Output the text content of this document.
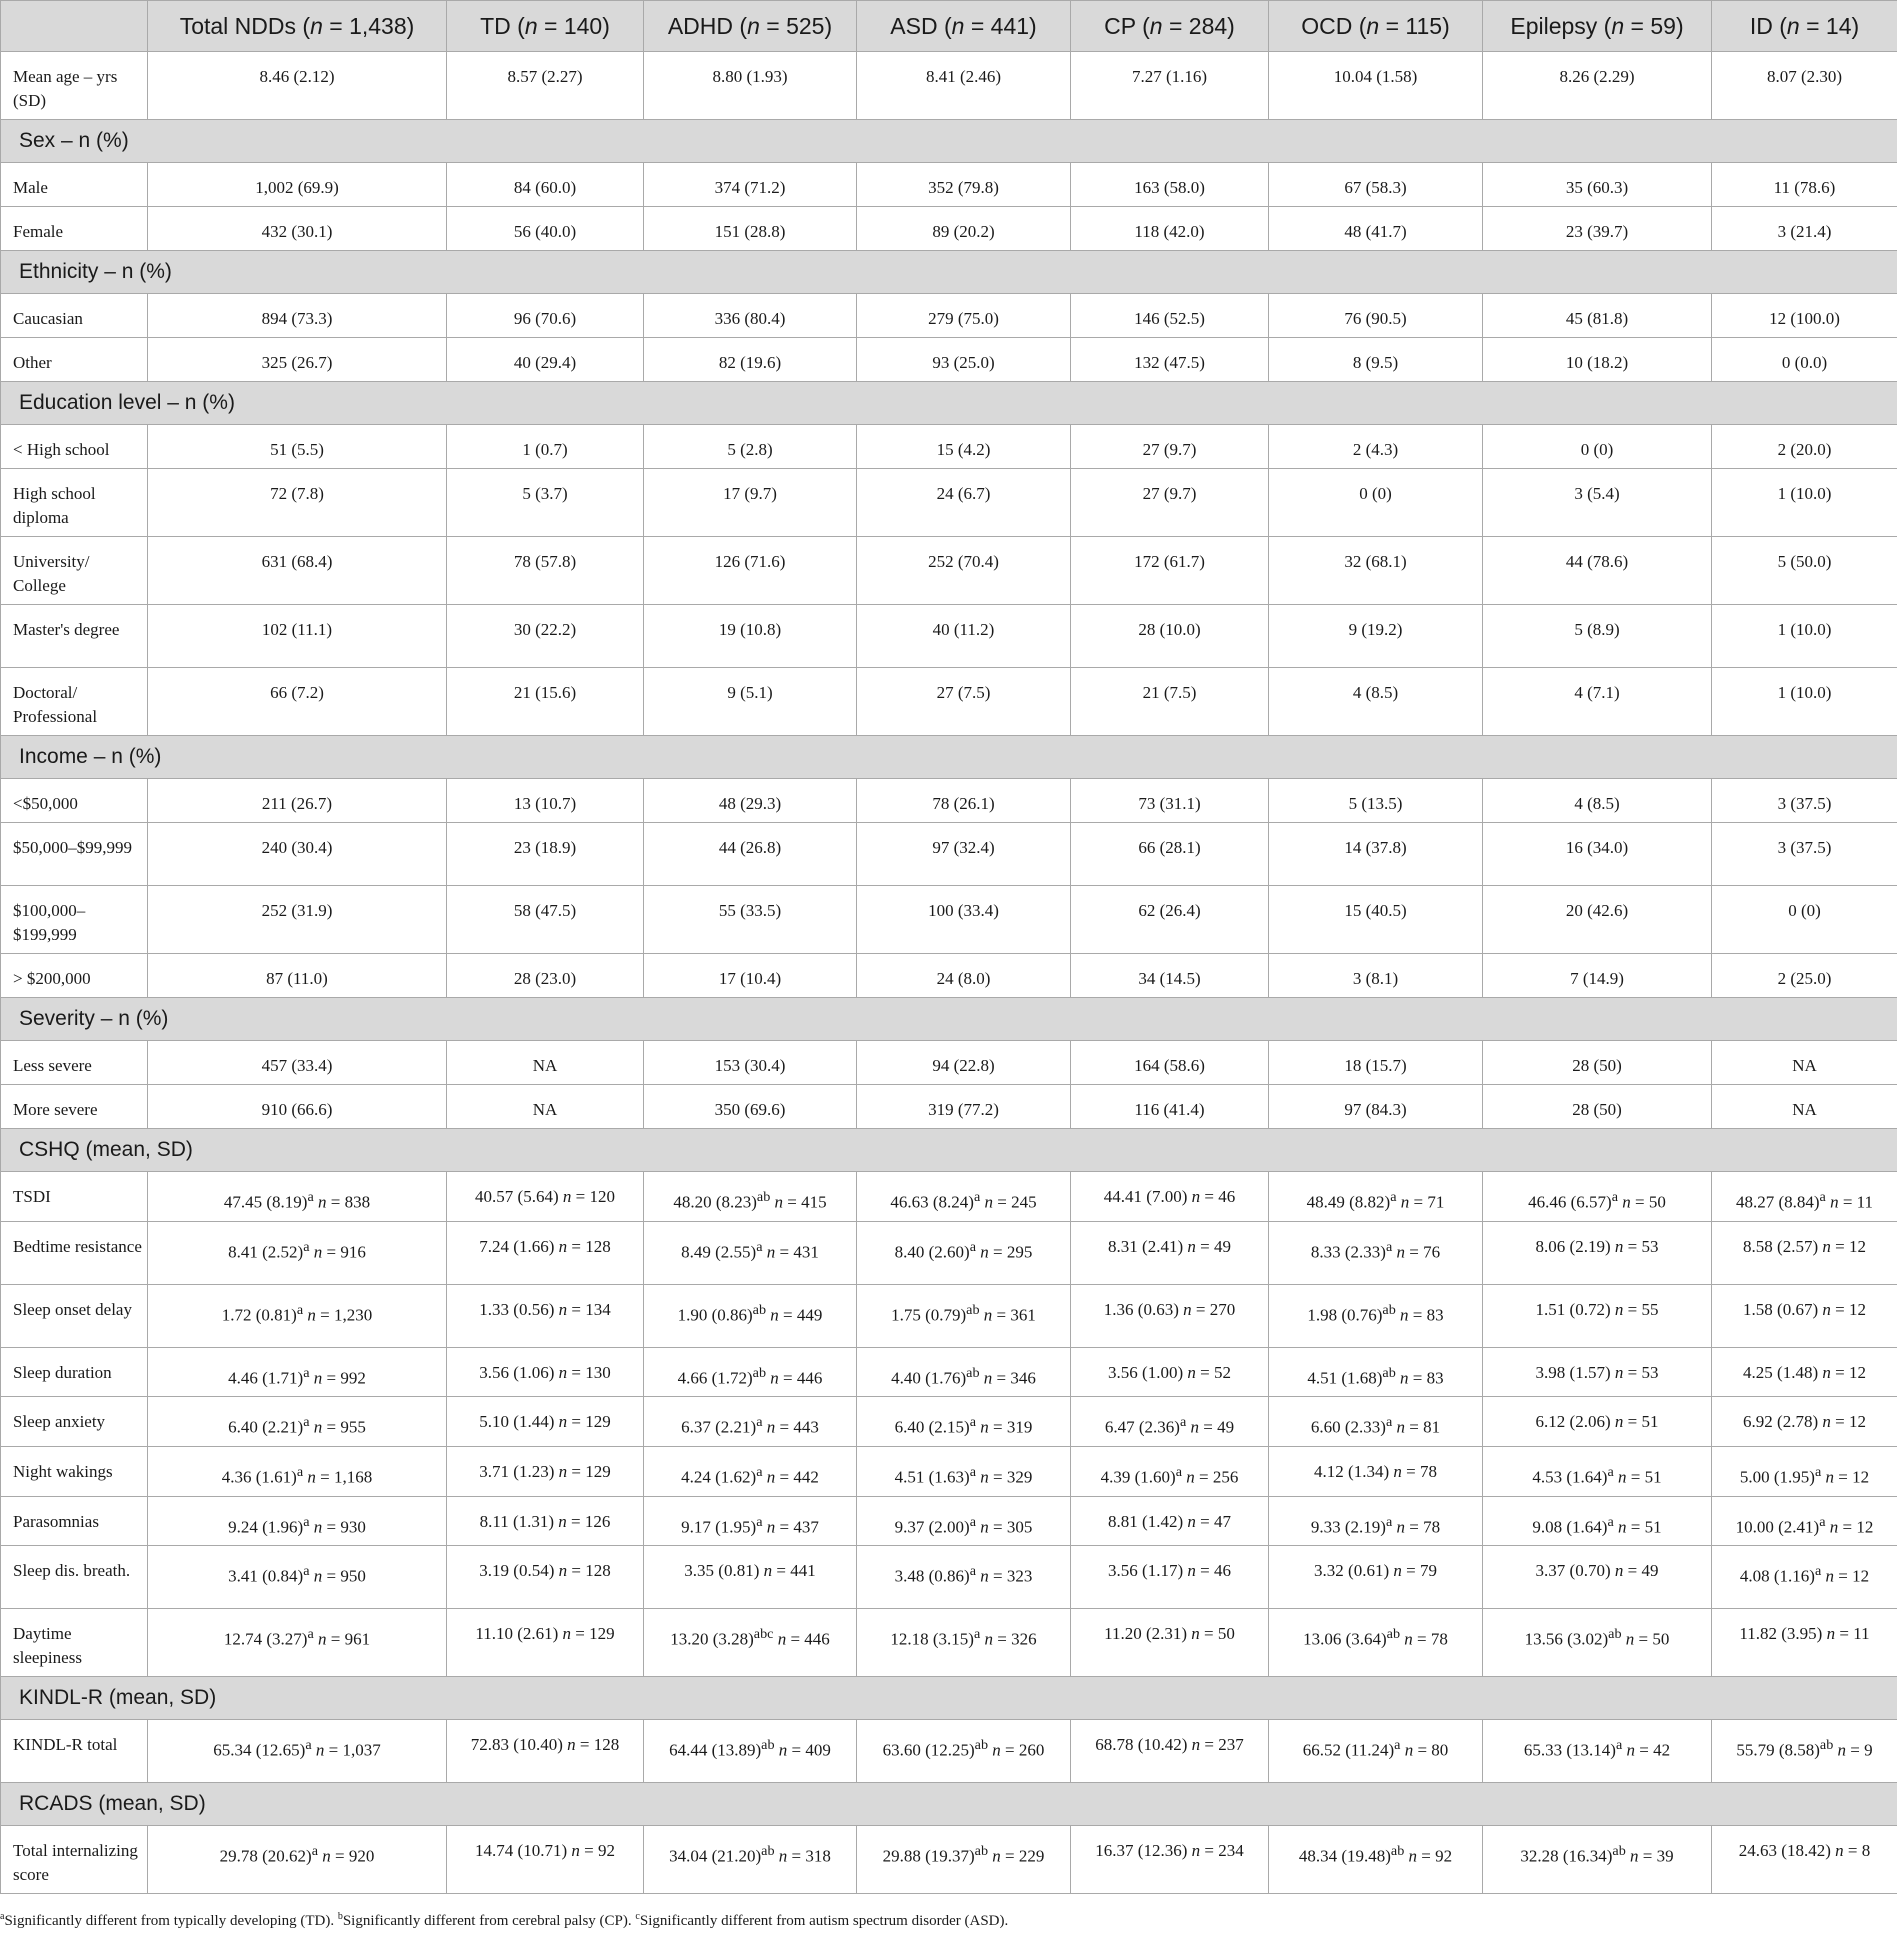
	Total NDDs (n = 1,438)	TD (n = 140)	ADHD (n = 525)	ASD (n = 441)	CP (n = 284)	OCD (n = 115)	Epilepsy (n = 59)	ID (n = 14)
Mean age – yrs (SD)	8.46 (2.12)	8.57 (2.27)	8.80 (1.93)	8.41 (2.46)	7.27 (1.16)	10.04 (1.58)	8.26 (2.29)	8.07 (2.30)
Sex – n (%)								
Male	1,002 (69.9)	84 (60.0)	374 (71.2)	352 (79.8)	163 (58.0)	67 (58.3)	35 (60.3)	11 (78.6)
Female	432 (30.1)	56 (40.0)	151 (28.8)	89 (20.2)	118 (42.0)	48 (41.7)	23 (39.7)	3 (21.4)
Ethnicity – n (%)								
Caucasian	894 (73.3)	96 (70.6)	336 (80.4)	279 (75.0)	146 (52.5)	76 (90.5)	45 (81.8)	12 (100.0)
Other	325 (26.7)	40 (29.4)	82 (19.6)	93 (25.0)	132 (47.5)	8 (9.5)	10 (18.2)	0 (0.0)
Education level – n (%)								
< High school	51 (5.5)	1 (0.7)	5 (2.8)	15 (4.2)	27 (9.7)	2 (4.3)	0 (0)	2 (20.0)
High school diploma	72 (7.8)	5 (3.7)	17 (9.7)	24 (6.7)	27 (9.7)	0 (0)	3 (5.4)	1 (10.0)
University/ College	631 (68.4)	78 (57.8)	126 (71.6)	252 (70.4)	172 (61.7)	32 (68.1)	44 (78.6)	5 (50.0)
Master's degree	102 (11.1)	30 (22.2)	19 (10.8)	40 (11.2)	28 (10.0)	9 (19.2)	5 (8.9)	1 (10.0)
Doctoral/ Professional	66 (7.2)	21 (15.6)	9 (5.1)	27 (7.5)	21 (7.5)	4 (8.5)	4 (7.1)	1 (10.0)
Income – n (%)								
<$50,000	211 (26.7)	13 (10.7)	48 (29.3)	78 (26.1)	73 (31.1)	5 (13.5)	4 (8.5)	3 (37.5)
$50,000–$99,999	240 (30.4)	23 (18.9)	44 (26.8)	97 (32.4)	66 (28.1)	14 (37.8)	16 (34.0)	3 (37.5)
$100,000–$199,999	252 (31.9)	58 (47.5)	55 (33.5)	100 (33.4)	62 (26.4)	15 (40.5)	20 (42.6)	0 (0)
> $200,000	87 (11.0)	28 (23.0)	17 (10.4)	24 (8.0)	34 (14.5)	3 (8.1)	7 (14.9)	2 (25.0)
Severity – n (%)								
Less severe	457 (33.4)	NA	153 (30.4)	94 (22.8)	164 (58.6)	18 (15.7)	28 (50)	NA
More severe	910 (66.6)	NA	350 (69.6)	319 (77.2)	116 (41.4)	97 (84.3)	28 (50)	NA
CSHQ (mean, SD)								
TSDI	47.45 $(8.19)^a$ n = 838	40.57 (5.64) n = 120	48.20 $(8.23)^{ab}$ n = 415	46.63 $(8.24)^a$ n = 245	44.41 (7.00) n = 46	48.49 $(8.82)^a$ n = 71	46.46 $(6.57)^a$ n = 50	48.27 $(8.84)^a$ n = 11
Bedtime resistance	8.41 $(2.52)^a$ n = 916	7.24 (1.66) n = 128	8.49 $(2.55)^a$ n = 431	8.40 $(2.60)^a$ n = 295	8.31 (2.41) n = 49	8.33 $(2.33)^a$ n = 76	8.06 (2.19) n = 53	8.58 (2.57) n = 12
Sleep onset delay	1.72 $(0.81)^a$ n = 1,230	1.33 (0.56) n = 134	1.90 $(0.86)^{ab}$ n = 449	1.75 $(0.79)^{ab}$ n = 361	1.36 (0.63) n = 270	1.98 $(0.76)^{ab}$ n = 83	1.51 (0.72) n = 55	1.58 (0.67) n = 12
Sleep duration	4.46 $(1.71)^a$ n = 992	3.56 (1.06) n = 130	4.66 $(1.72)^{ab}$ n = 446	4.40 $(1.76)^{ab}$ n = 346	3.56 (1.00) n = 52	4.51 $(1.68)^{ab}$ n = 83	3.98 (1.57) n = 53	4.25 (1.48) n = 12
Sleep anxiety	6.40 $(2.21)^a$ n = 955	5.10 (1.44) n = 129	6.37 $(2.21)^a$ n = 443	6.40 $(2.15)^a$ n = 319	6.47 $(2.36)^a$ n = 49	6.60 $(2.33)^a$ n = 81	6.12 (2.06) n = 51	6.92 (2.78) n = 12
Night wakings	4.36 $(1.61)^a$ n = 1,168	3.71 (1.23) n = 129	4.24 $(1.62)^a$ n = 442	4.51 $(1.63)^a$ n = 329	4.39 $(1.60)^a$ n = 256	4.12 (1.34) n = 78	4.53 $(1.64)^a$ n = 51	5.00 $(1.95)^a$ n = 12
Parasomnias	9.24 $(1.96)^a$ n = 930	8.11 (1.31) n = 126	9.17 $(1.95)^a$ n = 437	9.37 $(2.00)^a$ n = 305	8.81 (1.42) n = 47	9.33 $(2.19)^a$ n = 78	9.08 $(1.64)^a$ n = 51	10.00 $(2.41)^a$ n = 12
Sleep dis. breath.	3.41 $(0.84)^a$ n = 950	3.19 (0.54) n = 128	3.35 (0.81) n = 441	3.48 $(0.86)^a$ n = 323	3.56 (1.17) n = 46	3.32 (0.61) n = 79	3.37 (0.70) n = 49	4.08 $(1.16)^a$ n = 12
Daytime sleepiness	12.74 $(3.27)^a$ n = 961	11.10 (2.61) n = 129	13.20 $(3.28)^{abc}$ n = 446	12.18 $(3.15)^a$ n = 326	11.20 (2.31) n = 50	13.06 $(3.64)^{ab}$ n = 78	13.56 $(3.02)^{ab}$ n = 50	11.82 (3.95) n = 11
KINDL-R (mean, SD)								
KINDL-R total	65.34 $(12.65)^a$ n = 1,037	72.83 (10.40) n = 128	64.44 $(13.89)^{ab}$ n = 409	63.60 $(12.25)^{ab}$ n = 260	68.78 (10.42) n = 237	66.52 $(11.24)^a$ n = 80	65.33 $(13.14)^a$ n = 42	55.79 $(8.58)^{ab}$ n = 9
RCADS (mean, SD)								
Total internalizing score	29.78 $(20.62)^a$ n = 920	14.74 (10.71) n = 92	34.04 $(21.20)^{ab}$ n = 318	29.88 $(19.37)^{ab}$ n = 229	16.37 (12.36) n = 234	48.34 $(19.48)^{ab}$ n = 92	32.28 $(16.34)^{ab}$ n = 39	24.63 (18.42) n = 8
$^a$Significantly different from typically developing (TD). $^b$Significantly different from cerebral palsy (CP). $^c$Significantly different from autism spectrum disorder (ASD).
